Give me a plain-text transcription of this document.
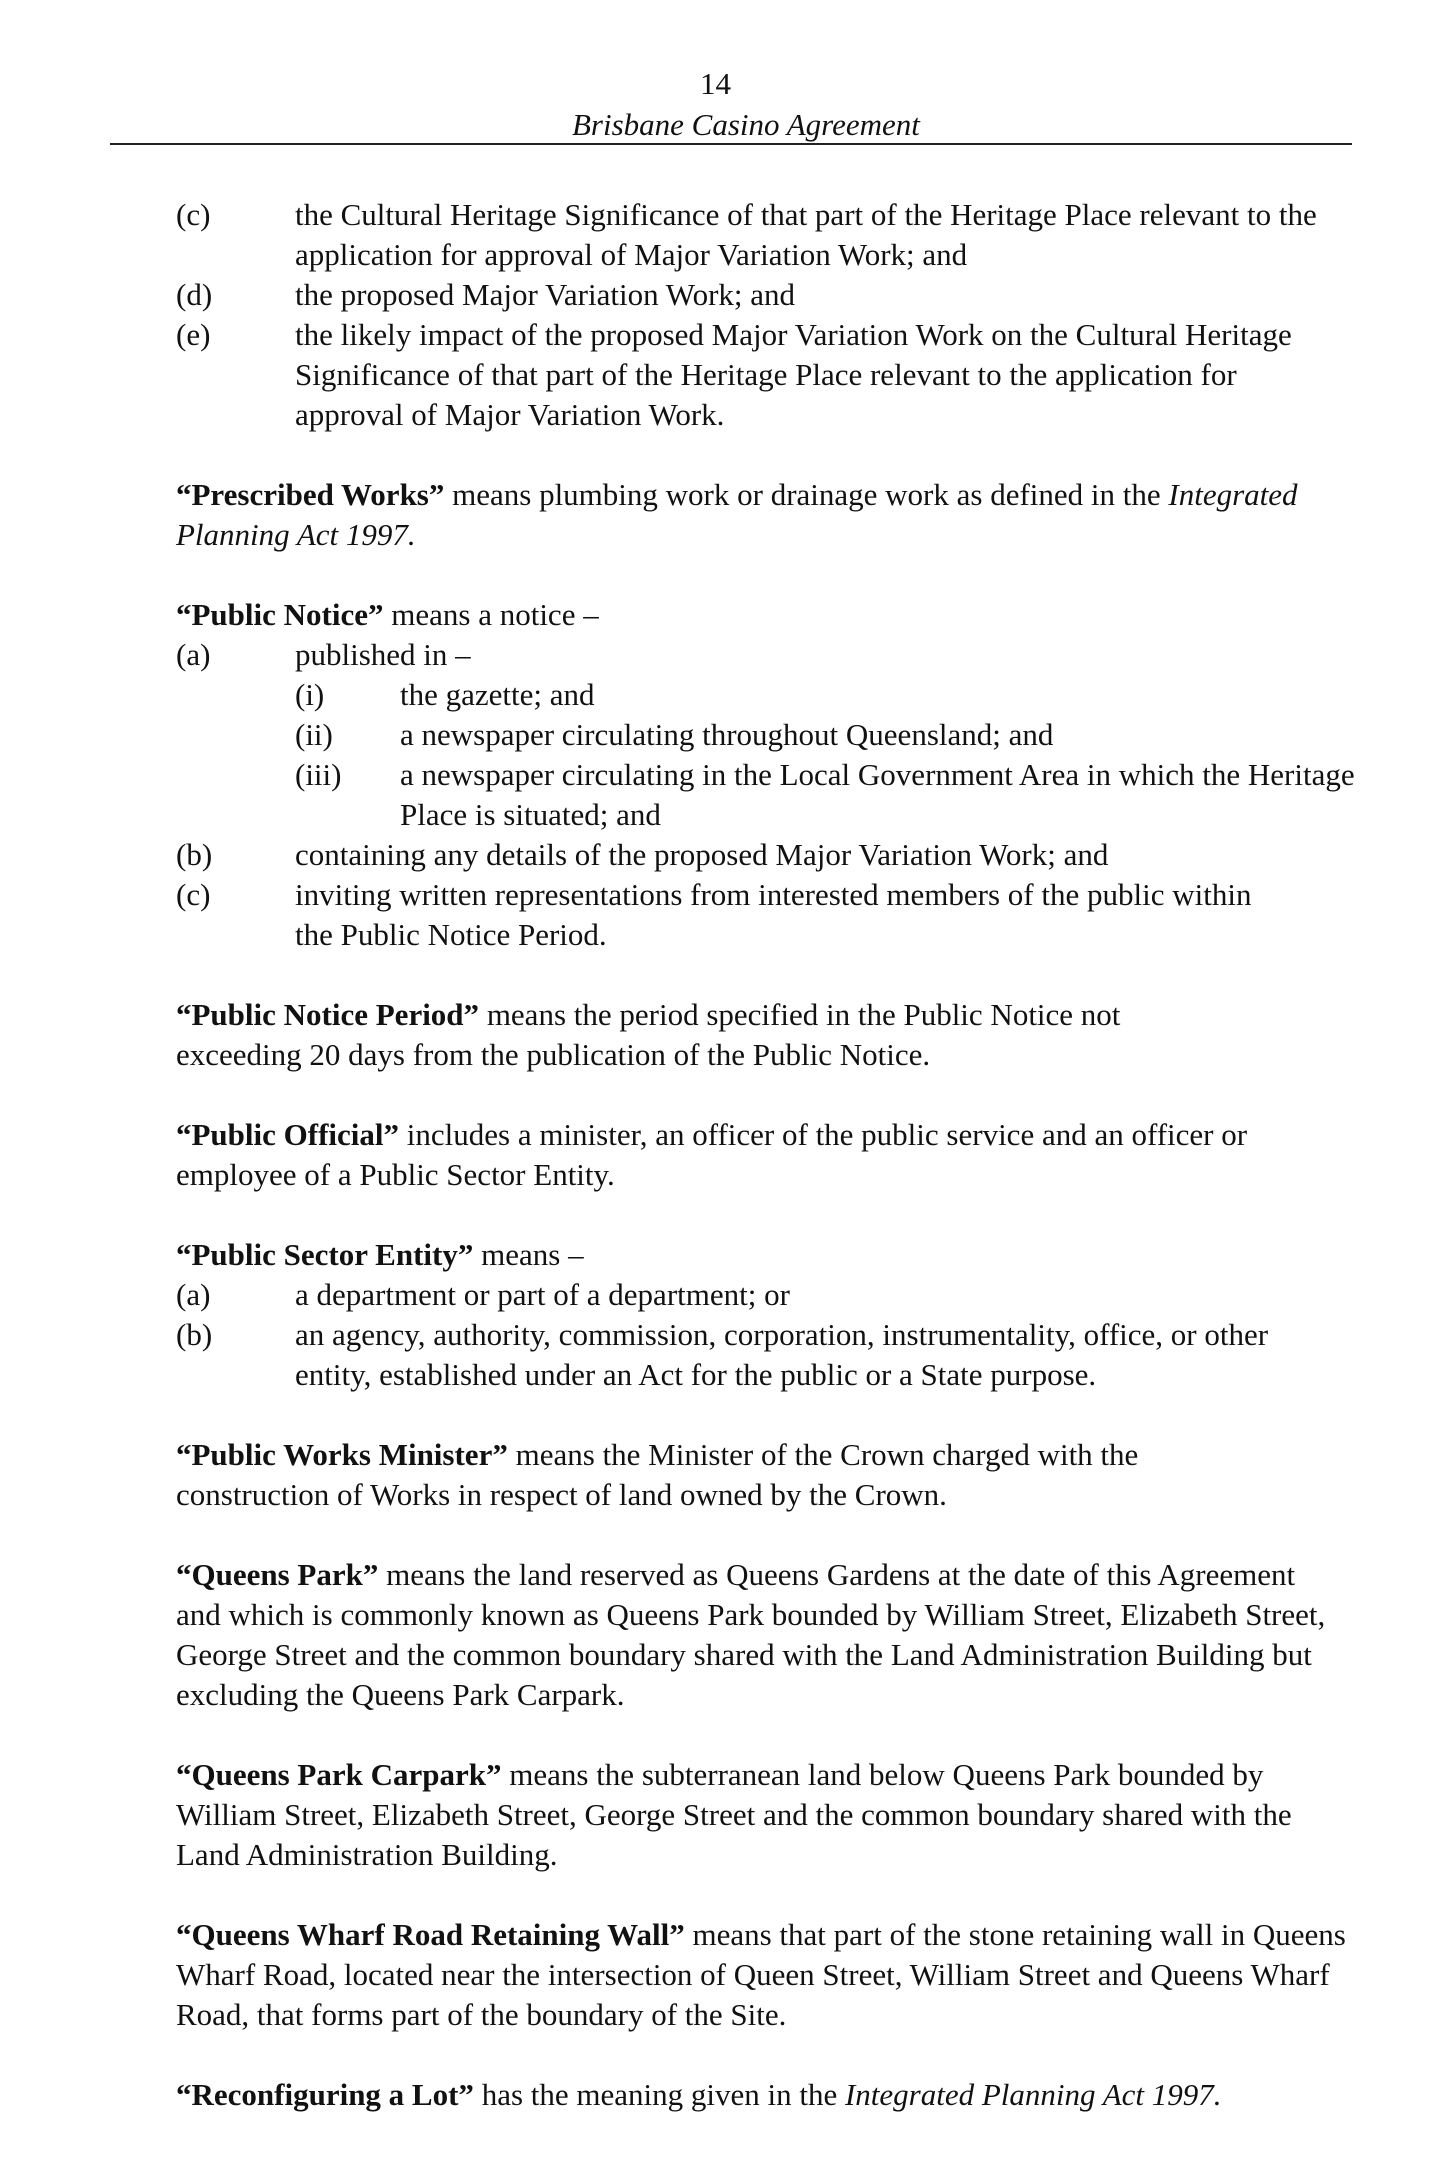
14
Brisbane Casino Agreement
(c)	the Cultural Heritage Significance of that part of the Heritage Place relevant to the application for approval of Major Variation Work; and
(d)	the proposed Major Variation Work; and
(e)	the likely impact of the proposed Major Variation Work on the Cultural Heritage Significance of that part of the Heritage Place relevant to the application for approval of Major Variation Work.

“Prescribed Works” means plumbing work or drainage work as defined in the Integrated Planning Act 1997.

“Public Notice” means a notice –

(a)	published in –
(i) the gazette; and
(ii) a newspaper circulating throughout Queensland; and
(iii) a newspaper circulating in the Local Government Area in which the Heritage Place is situated; and
(b)	containing any details of the proposed Major Variation Work; and
(c)	inviting written representations from interested members of the public within the Public Notice Period.

“Public Notice Period” means the period specified in the Public Notice not exceeding 20 days from the publication of the Public Notice.

“Public Official” includes a minister, an officer of the public service and an officer or employee of a Public Sector Entity.

“Public Sector Entity” means –

(a)	a department or part of a department; or
(b)	an agency, authority, commission, corporation, instrumentality, office, or other entity, established under an Act for the public or a State purpose.

“Public Works Minister” means the Minister of the Crown charged with the construction of Works in respect of land owned by the Crown.

“Queens Park” means the land reserved as Queens Gardens at the date of this Agreement and which is commonly known as Queens Park bounded by William Street, Elizabeth Street, George Street and the common boundary shared with the Land Administration Building but excluding the Queens Park Carpark.

“Queens Park Carpark” means the subterranean land below Queens Park bounded by William Street, Elizabeth Street, George Street and the common boundary shared with the Land Administration Building.

“Queens Wharf Road Retaining Wall” means that part of the stone retaining wall in Queens Wharf Road, located near the intersection of Queen Street, William Street and Queens Wharf Road, that forms part of the boundary of the Site.

“Reconfiguring a Lot” has the meaning given in the Integrated Planning Act 1997.
